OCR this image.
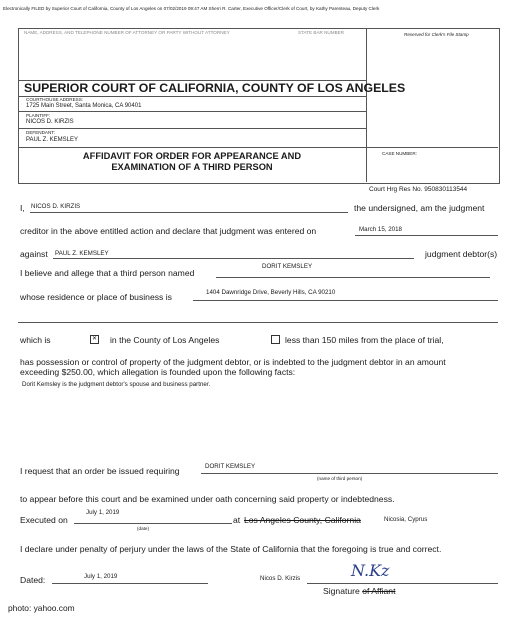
Electronically FILED by Superior Court of California, County of Los Angeles on 07/02/2019 09:47 AM Sherri R. Carter, Executive Officer/Clerk of Court, by Kathy Parenteau, Deputy Clerk
NAME, ADDRESS, AND TELEPHONE NUMBER OF ATTORNEY OR PARTY WITHOUT ATTORNEY	STATE BAR NUMBER	Reserved for Clerk's File Stamp
SUPERIOR COURT OF CALIFORNIA, COUNTY OF LOS ANGELES
COURTHOUSE ADDRESS:
1725 Main Street, Santa Monica, CA 90401
PLAINTIFF:
NICOS D. KIRZIS
DEFENDANT:
PAUL Z. KEMSLEY
AFFIDAVIT FOR ORDER FOR APPEARANCE AND
EXAMINATION OF A THIRD PERSON
CASE NUMBER:
Court Hrg Res No. 950830113544
I, NICOS D. KIRZIS	the undersigned, am the judgment
creditor in the above entitled action and declare that judgment was entered on	March 15, 2018
against PAUL Z. KEMSLEY	judgment debtor(s)
I believe and allege that a third person named
DORIT KEMSLEY
whose residence or place of business is	1404 Dawnridge Drive, Beverly Hills, CA 90210
which is	✕ in the County of Los Angeles	less than 150 miles from the place of trial,
has possession or control of property of the judgment debtor, or is indebted to the judgment debtor in an amount
exceeding $250.00, which allegation is founded upon the following facts:
Dorit Kemsley is the judgment debtor's spouse and business partner.
I request that an order be issued requiring	DORIT KEMSLEY
(name of third person)
to appear before this court and be examined under oath concerning said property or indebtedness.
Executed on
July 1, 2019
(date)
at Los Angeles County, California	Nicosia, Cyprus
I declare under penalty of perjury under the laws of the State of California that the foregoing is true and correct.
Dated:	July 1, 2019	Nicos D. Kirzis	N.Kz
Signature of Affiant
photo: yahoo.com
